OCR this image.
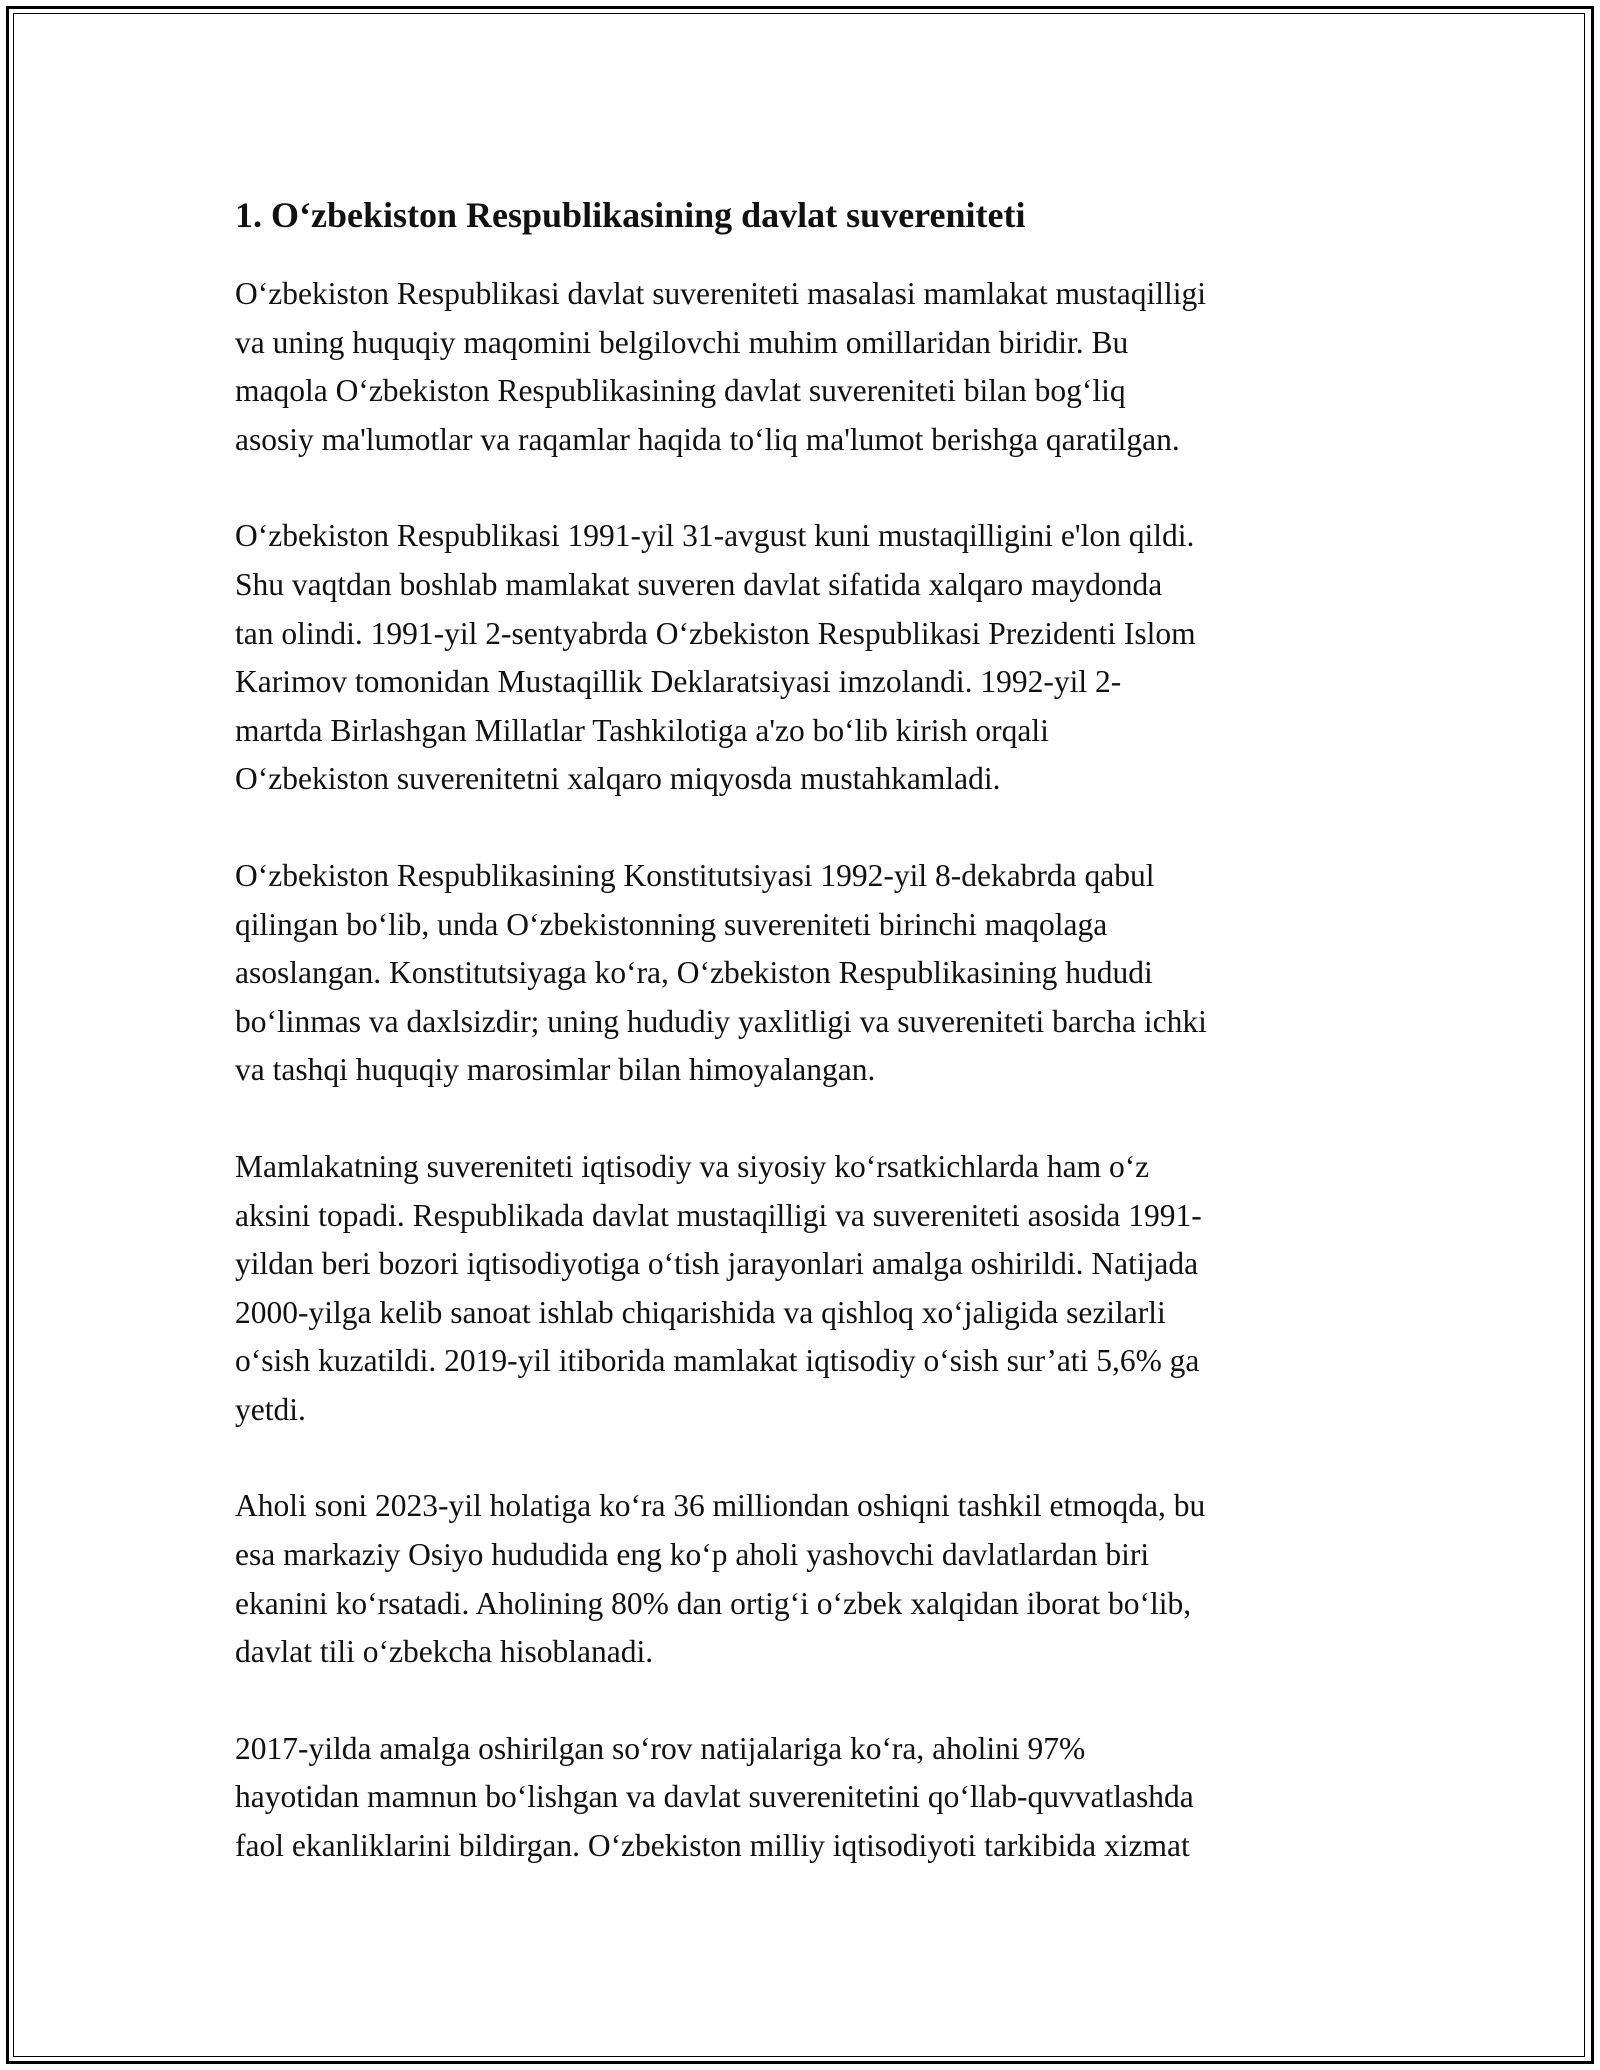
1. O‘zbekiston Respublikasining davlat suvereniteti
O‘zbekiston Respublikasi davlat suvereniteti masalasi mamlakat mustaqilligi
va uning huquqiy maqomini belgilovchi muhim omillaridan biridir. Bu
maqola O‘zbekiston Respublikasining davlat suvereniteti bilan bog‘liq
asosiy ma'lumotlar va raqamlar haqida to‘liq ma'lumot berishga qaratilgan.
O‘zbekiston Respublikasi 1991-yil 31-avgust kuni mustaqilligini e'lon qildi.
Shu vaqtdan boshlab mamlakat suveren davlat sifatida xalqaro maydonda
tan olindi. 1991-yil 2-sentyabrda O‘zbekiston Respublikasi Prezidenti Islom
Karimov tomonidan Mustaqillik Deklaratsiyasi imzolandi. 1992-yil 2-
martda Birlashgan Millatlar Tashkilotiga a'zo bo‘lib kirish orqali
O‘zbekiston suverenitetni xalqaro miqyosda mustahkamladi.
O‘zbekiston Respublikasining Konstitutsiyasi 1992-yil 8-dekabrda qabul
qilingan bo‘lib, unda O‘zbekistonning suvereniteti birinchi maqolaga
asoslangan. Konstitutsiyaga ko‘ra, O‘zbekiston Respublikasining hududi
bo‘linmas va daxlsizdir; uning hududiy yaxlitligi va suvereniteti barcha ichki
va tashqi huquqiy marosimlar bilan himoyalangan.
Mamlakatning suvereniteti iqtisodiy va siyosiy ko‘rsatkichlarda ham o‘z
aksini topadi. Respublikada davlat mustaqilligi va suvereniteti asosida 1991-
yildan beri bozori iqtisodiyotiga o‘tish jarayonlari amalga oshirildi. Natijada
2000-yilga kelib sanoat ishlab chiqarishida va qishloq xo‘jaligida sezilarli
o‘sish kuzatildi. 2019-yil itiborida mamlakat iqtisodiy o‘sish sur’ati 5,6% ga
yetdi.
Aholi soni 2023-yil holatiga ko‘ra 36 milliondan oshiqni tashkil etmoqda, bu
esa markaziy Osiyo hududida eng ko‘p aholi yashovchi davlatlardan biri
ekanini ko‘rsatadi. Aholining 80% dan ortig‘i o‘zbek xalqidan iborat bo‘lib,
davlat tili o‘zbekcha hisoblanadi.
2017-yilda amalga oshirilgan so‘rov natijalariga ko‘ra, aholini 97%
hayotidan mamnun bo‘lishgan va davlat suverenitetini qo‘llab-quvvatlashda
faol ekanliklarini bildirgan. O‘zbekiston milliy iqtisodiyoti tarkibida xizmat
